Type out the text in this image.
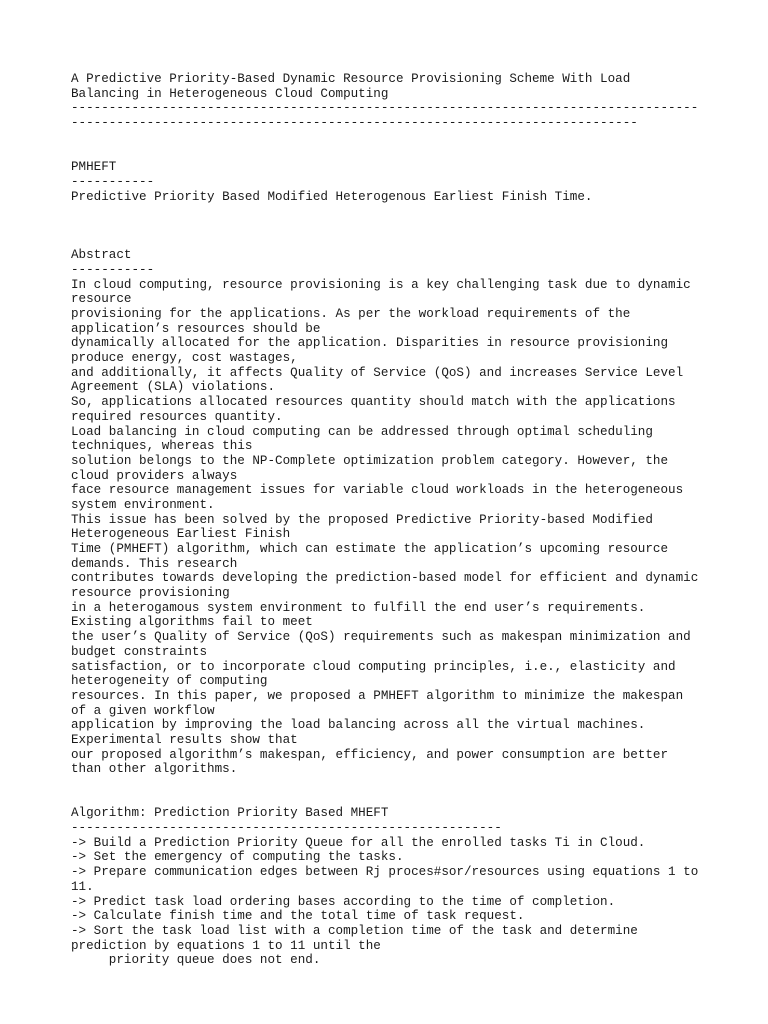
A Predictive Priority-Based Dynamic Resource Provisioning Scheme With Load
Balancing in Heterogeneous Cloud Computing
-----------------------------------------------------------------------------------
---------------------------------------------------------------------------
PMHEFT
-----------
Predictive Priority Based Modified Heterogenous Earliest Finish Time.
Abstract
-----------
In cloud computing, resource provisioning is a key challenging task due to dynamic
resource
provisioning for the applications. As per the workload requirements of the
application’s resources should be
dynamically allocated for the application. Disparities in resource provisioning
produce energy, cost wastages,
and additionally, it affects Quality of Service (QoS) and increases Service Level
Agreement (SLA) violations.
So, applications allocated resources quantity should match with the applications
required resources quantity.
Load balancing in cloud computing can be addressed through optimal scheduling
techniques, whereas this
solution belongs to the NP-Complete optimization problem category. However, the
cloud providers always
face resource management issues for variable cloud workloads in the heterogeneous
system environment.
This issue has been solved by the proposed Predictive Priority-based Modified
Heterogeneous Earliest Finish
Time (PMHEFT) algorithm, which can estimate the application’s upcoming resource
demands. This research
contributes towards developing the prediction-based model for efficient and dynamic
resource provisioning
in a heterogamous system environment to fulfill the end user’s requirements.
Existing algorithms fail to meet
the user’s Quality of Service (QoS) requirements such as makespan minimization and
budget constraints
satisfaction, or to incorporate cloud computing principles, i.e., elasticity and
heterogeneity of computing
resources. In this paper, we proposed a PMHEFT algorithm to minimize the makespan
of a given workflow
application by improving the load balancing across all the virtual machines.
Experimental results show that
our proposed algorithm’s makespan, efficiency, and power consumption are better
than other algorithms.
Algorithm: Prediction Priority Based MHEFT
---------------------------------------------------------
-> Build a Prediction Priority Queue for all the enrolled tasks Ti in Cloud.
-> Set the emergency of computing the tasks.
-> Prepare communication edges between Rj proces#sor/resources using equations 1 to
11.
-> Predict task load ordering bases according to the time of completion.
-> Calculate finish time and the total time of task request.
-> Sort the task load list with a completion time of the task and determine
prediction by equations 1 to 11 until the
priority queue does not end.
